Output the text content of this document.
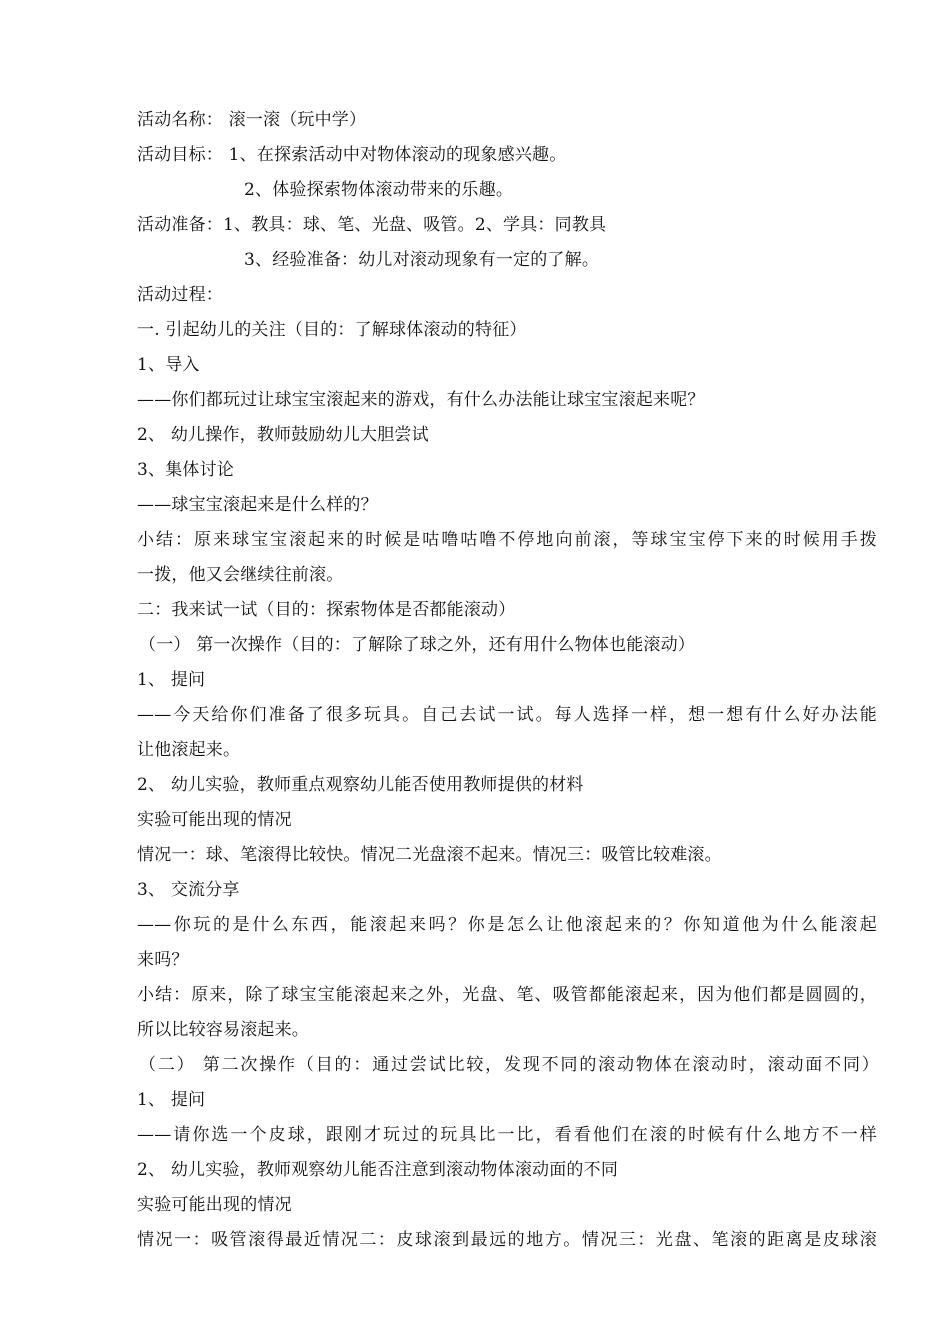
活动名称： 滚一滚（玩中学）
活动目标： 1、在探索活动中对物体滚动的现象感兴趣。
2、体验探索物体滚动带来的乐趣。
活动准备：1、教具：球、笔、光盘、吸管。2、学具：同教具
3、经验准备：幼儿对滚动现象有一定的了解。
活动过程：
一. 引起幼儿的关注（目的：了解球体滚动的特征）
1、导入
——你们都玩过让球宝宝滚起来的游戏，有什么办法能让球宝宝滚起来呢？
2、 幼儿操作，教师鼓励幼儿大胆尝试
3、集体讨论
——球宝宝滚起来是什么样的？
小结：原来球宝宝滚起来的时候是咕噜咕噜不停地向前滚，等球宝宝停下来的时候用手拨
一拨，他又会继续往前滚。
二：我来试一试（目的：探索物体是否都能滚动）
（一） 第一次操作（目的：了解除了球之外，还有用什么物体也能滚动）
1、 提问
——今天给你们准备了很多玩具。自己去试一试。每人选择一样，想一想有什么好办法能
让他滚起来。
2、 幼儿实验，教师重点观察幼儿能否使用教师提供的材料
实验可能出现的情况
情况一：球、笔滚得比较快。情况二光盘滚不起来。情况三：吸管比较难滚。
3、 交流分享
——你玩的是什么东西，能滚起来吗？你是怎么让他滚起来的？你知道他为什么能滚起
来吗？
小结：原来，除了球宝宝能滚起来之外，光盘、笔、吸管都能滚起来，因为他们都是圆圆的，
所以比较容易滚起来。
（二） 第二次操作（目的：通过尝试比较，发现不同的滚动物体在滚动时，滚动面不同）
1、 提问
——请你选一个皮球，跟刚才玩过的玩具比一比，看看他们在滚的时候有什么地方不一样
2、 幼儿实验，教师观察幼儿能否注意到滚动物体滚动面的不同
实验可能出现的情况
情况一：吸管滚得最近情况二：皮球滚到最远的地方。情况三：光盘、笔滚的距离是皮球滚
